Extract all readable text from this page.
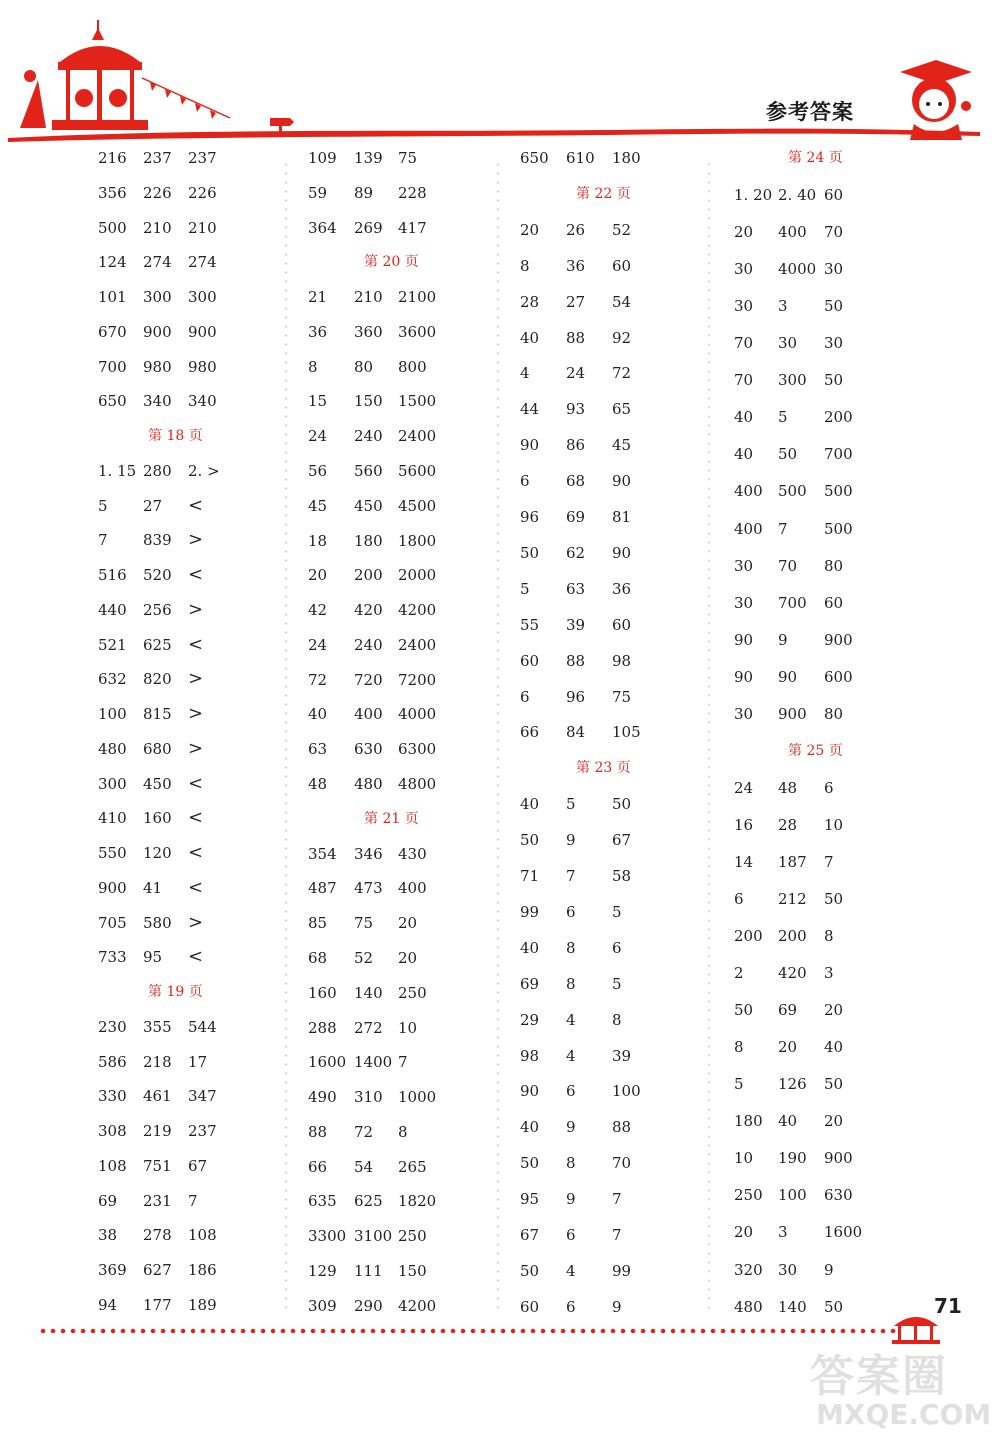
参考答案
216 237 237
356 226 226
500 210 210
124 274 274
101 300 300
670 900 900
700 980 980
650 340 340
第 18 页
1. 15 280 2. >
5 27 <
7 839 >
516 520 <
440 256 >
521 625 <
632 820 >
100 815 >
480 680 >
300 450 <
410 160 <
550 120 <
900 41 <
705 580 >
733 95 <
第 19 页
230 355 544
586 218 17
330 461 347
308 219 237
108 751 67
69 231 7
38 278 108
369 627 186
94 177 189
109 139 75
59 89 228
364 269 417
第 20 页
21 210 2100
36 360 3600
8 80 800
15 150 1500
24 240 2400
56 560 5600
45 450 4500
18 180 1800
20 200 2000
42 420 4200
24 240 2400
72 720 7200
40 400 4000
63 630 6300
48 480 4800
第 21 页
354 346 430
487 473 400
85 75 20
68 52 20
160 140 250
288 272 10
1600 1400 7
490 310 1000
88 72 8
66 54 265
635 625 1820
3300 3100 250
129 111 150
309 290 4200
650 610 180
第 22 页
20 26 52
8 36 60
28 27 54
40 88 92
4 24 72
44 93 65
90 86 45
6 68 90
96 69 81
50 62 90
5 63 36
55 39 60
60 88 98
6 96 75
66 84 105
第 23 页
40 5 50
50 9 67
71 7 58
99 6 5
40 8 6
69 8 5
29 4 8
98 4 39
90 6 100
40 9 88
50 8 70
95 9 7
67 6 7
50 4 99
60 6 9
第 24 页
1. 20 2. 40 60
20 400 70
30 4000 30
30 3 50
70 30 30
70 300 50
40 5 200
40 50 700
400 500 500
400 7 500
30 70 80
30 700 60
90 9 900
90 90 600
30 900 80
第 25 页
24 48 6
16 28 10
14 187 7
6 212 50
200 200 8
2 420 3
50 69 20
8 20 40
5 126 50
180 40 20
10 190 900
250 100 630
20 3 1600
320 30 9
480 140 50	71
答案圈
MXQE.COM
